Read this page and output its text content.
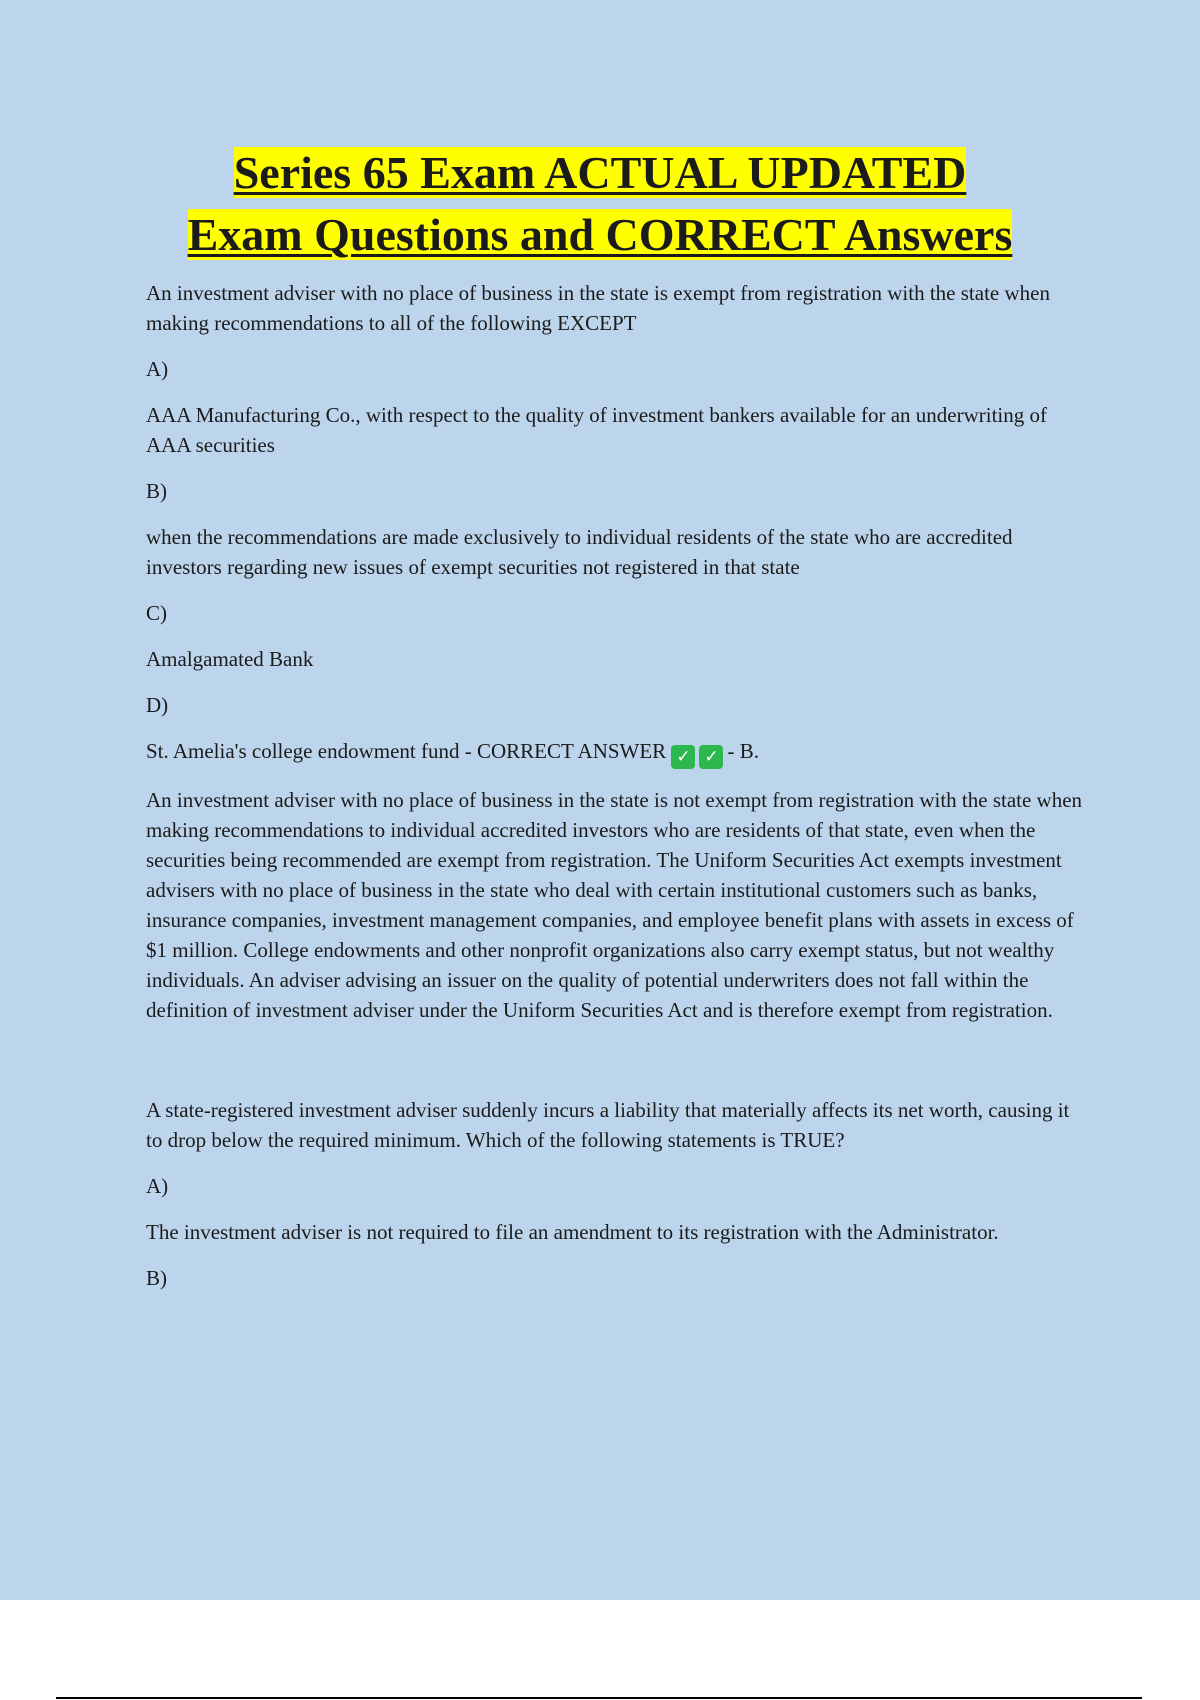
Series 65 Exam ACTUAL UPDATED
Exam Questions and CORRECT Answers

An investment adviser with no place of business in the state is exempt from registration with the state when making recommendations to all of the following EXCEPT

A)

AAA Manufacturing Co., with respect to the quality of investment bankers available for an underwriting of AAA securities

B)

when the recommendations are made exclusively to individual residents of the state who are accredited investors regarding new issues of exempt securities not registered in that state

C)

Amalgamated Bank

D)

St. Amelia's college endowment fund - CORRECT ANSWER ✓ ✓ - B.

An investment adviser with no place of business in the state is not exempt from registration with the state when making recommendations to individual accredited investors who are residents of that state, even when the securities being recommended are exempt from registration. The Uniform Securities Act exempts investment advisers with no place of business in the state who deal with certain institutional customers such as banks, insurance companies, investment management companies, and employee benefit plans with assets in excess of $1 million. College endowments and other nonprofit organizations also carry exempt status, but not wealthy individuals. An adviser advising an issuer on the quality of potential underwriters does not fall within the definition of investment adviser under the Uniform Securities Act and is therefore exempt from registration.

A state-registered investment adviser suddenly incurs a liability that materially affects its net worth, causing it to drop below the required minimum. Which of the following statements is TRUE?

A)

The investment adviser is not required to file an amendment to its registration with the Administrator.

B)
